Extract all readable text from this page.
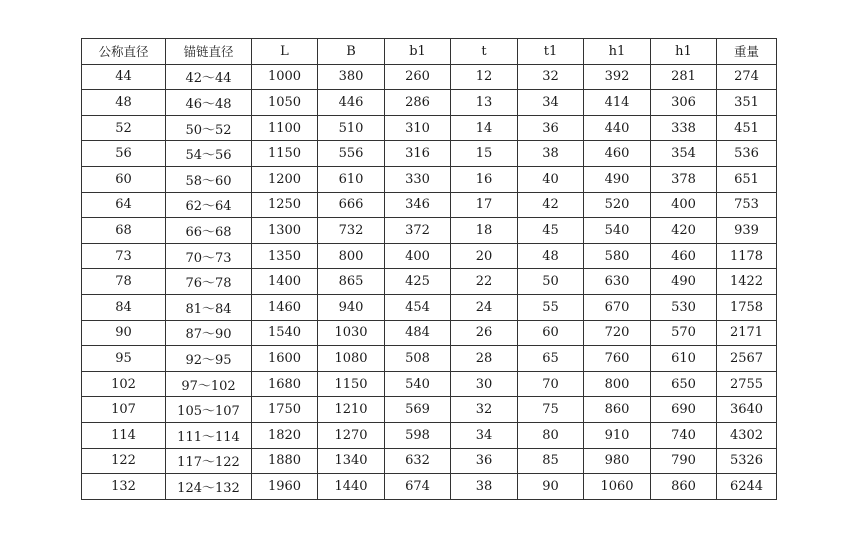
公称直径	锚链直径	L	B	b1	t	t1	h1	h1	重量
44	42～44	1000	380	260	12	32	392	281	274
48	46～48	1050	446	286	13	34	414	306	351
52	50～52	1100	510	310	14	36	440	338	451
56	54～56	1150	556	316	15	38	460	354	536
60	58～60	1200	610	330	16	40	490	378	651
64	62～64	1250	666	346	17	42	520	400	753
68	66～68	1300	732	372	18	45	540	420	939
73	70～73	1350	800	400	20	48	580	460	1178
78	76～78	1400	865	425	22	50	630	490	1422
84	81～84	1460	940	454	24	55	670	530	1758
90	87～90	1540	1030	484	26	60	720	570	2171
95	92～95	1600	1080	508	28	65	760	610	2567
102	97～102	1680	1150	540	30	70	800	650	2755
107	105～107	1750	1210	569	32	75	860	690	3640
114	111～114	1820	1270	598	34	80	910	740	4302
122	117～122	1880	1340	632	36	85	980	790	5326
132	124～132	1960	1440	674	38	90	1060	860	6244
